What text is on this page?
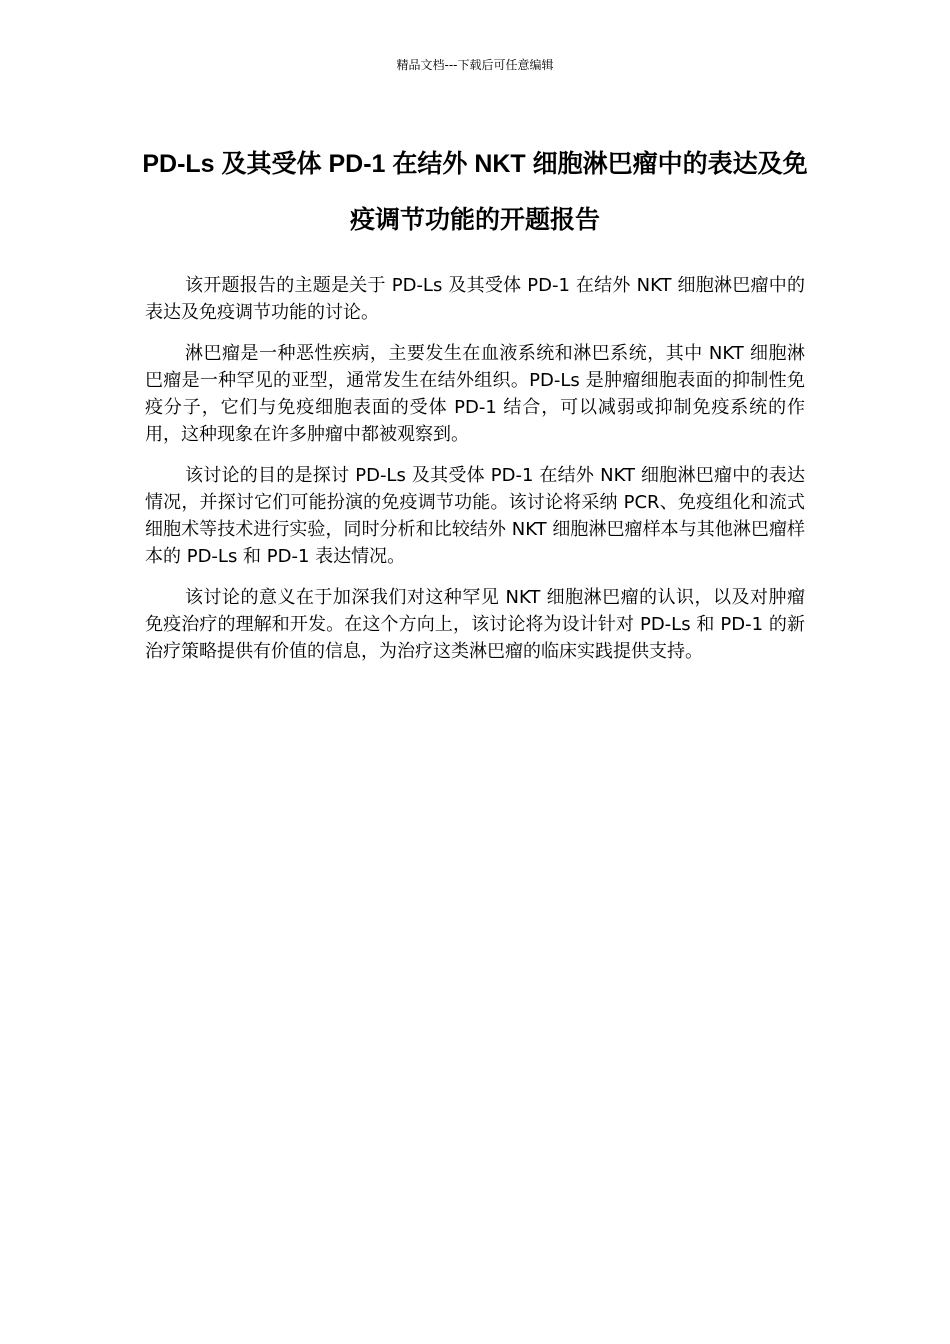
精品文档---下载后可任意编辑
PD-Ls 及其受体 PD-1 在结外 NKT 细胞淋巴瘤中的表达及免疫调节功能的开题报告

该开题报告的主题是关于 PD-Ls 及其受体 PD-1 在结外 NKT 细胞淋巴瘤中的表达及免疫调节功能的讨论。

淋巴瘤是一种恶性疾病，主要发生在血液系统和淋巴系统，其中 NKT 细胞淋巴瘤是一种罕见的亚型，通常发生在结外组织。PD-Ls 是肿瘤细胞表面的抑制性免疫分子，它们与免疫细胞表面的受体 PD-1 结合，可以减弱或抑制免疫系统的作用，这种现象在许多肿瘤中都被观察到。

该讨论的目的是探讨 PD-Ls 及其受体 PD-1 在结外 NKT 细胞淋巴瘤中的表达情况，并探讨它们可能扮演的免疫调节功能。该讨论将采纳 PCR、免疫组化和流式细胞术等技术进行实验，同时分析和比较结外 NKT 细胞淋巴瘤样本与其他淋巴瘤样本的 PD-Ls 和 PD-1 表达情况。

该讨论的意义在于加深我们对这种罕见 NKT 细胞淋巴瘤的认识，以及对肿瘤免疫治疗的理解和开发。在这个方向上，该讨论将为设计针对 PD-Ls 和 PD-1 的新治疗策略提供有价值的信息，为治疗这类淋巴瘤的临床实践提供支持。
